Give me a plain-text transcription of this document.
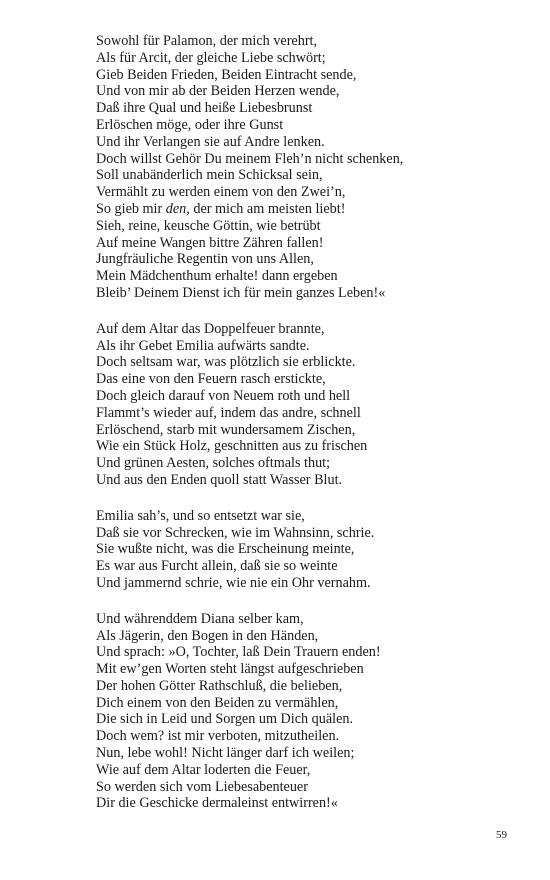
Sowohl für Palamon, der mich verehrt,
Als für Arcit, der gleiche Liebe schwört;
Gieb Beiden Frieden, Beiden Eintracht sende,
Und von mir ab der Beiden Herzen wende,
Daß ihre Qual und heiße Liebesbrunst
Erlöschen möge, oder ihre Gunst
Und ihr Verlangen sie auf Andre lenken.
Doch willst Gehör Du meinem Fleh’n nicht schenken,
Soll unabänderlich mein Schicksal sein,
Vermählt zu werden einem von den Zwei’n,
So gieb mir den, der mich am meisten liebt!
Sieh, reine, keusche Göttin, wie betrübt
Auf meine Wangen bittre Zähren fallen!
Jungfräuliche Regentin von uns Allen,
Mein Mädchenthum erhalte! dann ergeben
Bleib’ Deinem Dienst ich für mein ganzes Leben!«
Auf dem Altar das Doppelfeuer brannte,
Als ihr Gebet Emilia aufwärts sandte.
Doch seltsam war, was plötzlich sie erblickte.
Das eine von den Feuern rasch erstickte,
Doch gleich darauf von Neuem roth und hell
Flammt’s wieder auf, indem das andre, schnell
Erlöschend, starb mit wundersamem Zischen,
Wie ein Stück Holz, geschnitten aus zu frischen
Und grünen Aesten, solches oftmals thut;
Und aus den Enden quoll statt Wasser Blut.
Emilia sah’s, und so entsetzt war sie,
Daß sie vor Schrecken, wie im Wahnsinn, schrie.
Sie wußte nicht, was die Erscheinung meinte,
Es war aus Furcht allein, daß sie so weinte
Und jammernd schrie, wie nie ein Ohr vernahm.
Und währenddem Diana selber kam,
Als Jägerin, den Bogen in den Händen,
Und sprach: »O, Tochter, laß Dein Trauern enden!
Mit ew’gen Worten steht längst aufgeschrieben
Der hohen Götter Rathschluß, die belieben,
Dich einem von den Beiden zu vermählen,
Die sich in Leid und Sorgen um Dich quälen.
Doch wem? ist mir verboten, mitzutheilen.
Nun, lebe wohl! Nicht länger darf ich weilen;
Wie auf dem Altar loderten die Feuer,
So werden sich vom Liebesabenteuer
Dir die Geschicke dermaleinst entwirren!«
59
